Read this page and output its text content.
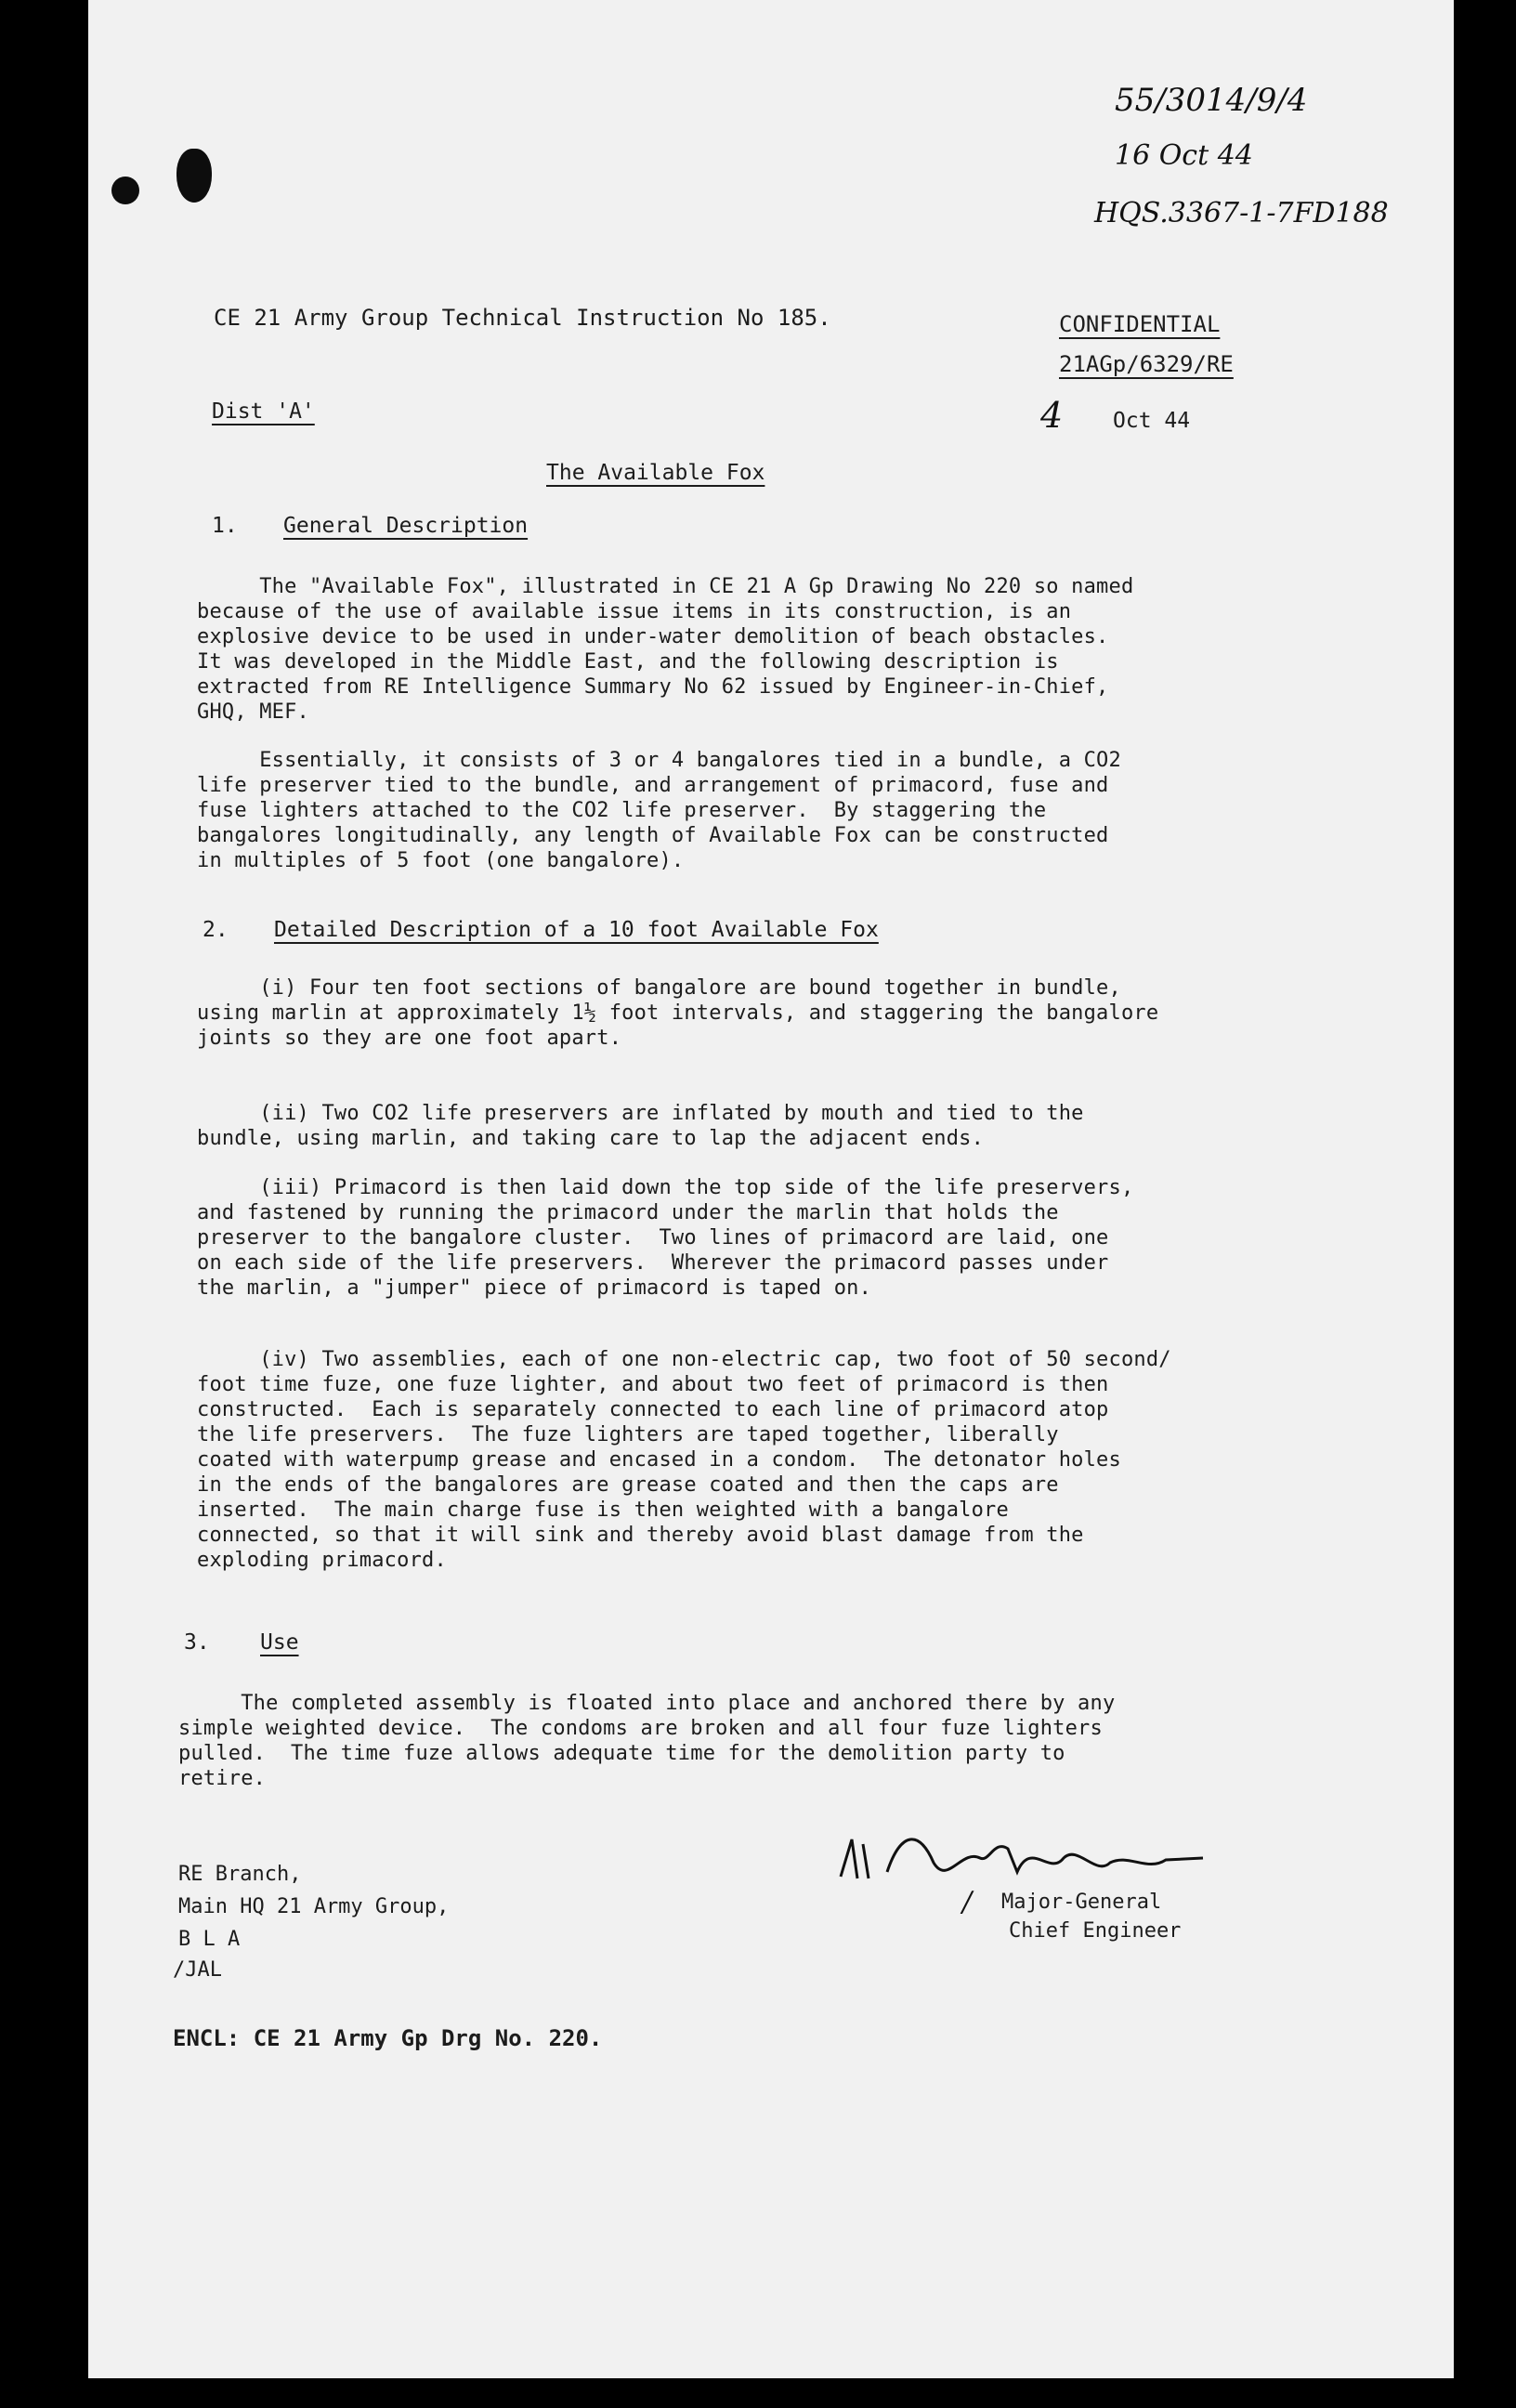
55/3014/9/4
16 Oct 44
HQS.3367-1-7FD188
CE 21 Army Group Technical Instruction No 185.	CONFIDENTIAL
21AGp/6329/RE
Dist 'A'	4 Oct 44
The Available Fox
1. General Description
The "Available Fox", illustrated in CE 21 A Gp Drawing No 220 so named
because of the use of available issue items in its construction, is an
explosive device to be used in under-water demolition of beach obstacles.
It was developed in the Middle East, and the following description is
extracted from RE Intelligence Summary No 62 issued by Engineer-in-Chief,
GHQ, MEF.
Essentially, it consists of 3 or 4 bangalores tied in a bundle, a CO2
life preserver tied to the bundle, and arrangement of primacord, fuse and
fuse lighters attached to the CO2 life preserver.  By staggering the
bangalores longitudinally, any length of Available Fox can be constructed
in multiples of 5 foot (one bangalore).
2. Detailed Description of a 10 foot Available Fox
(i) Four ten foot sections of bangalore are bound together in bundle,
using marlin at approximately 1½ foot intervals, and staggering the bangalore
joints so they are one foot apart.
(ii) Two CO2 life preservers are inflated by mouth and tied to the
bundle, using marlin, and taking care to lap the adjacent ends.
(iii) Primacord is then laid down the top side of the life preservers,
and fastened by running the primacord under the marlin that holds the
preserver to the bangalore cluster.  Two lines of primacord are laid, one
on each side of the life preservers.  Wherever the primacord passes under
the marlin, a "jumper" piece of primacord is taped on.
(iv) Two assemblies, each of one non-electric cap, two foot of 50 second/
foot time fuze, one fuze lighter, and about two feet of primacord is then
constructed.  Each is separately connected to each line of primacord atop
the life preservers.  The fuze lighters are taped together, liberally
coated with waterpump grease and encased in a condom.  The detonator holes
in the ends of the bangalores are grease coated and then the caps are
inserted.  The main charge fuse is then weighted with a bangalore
connected, so that it will sink and thereby avoid blast damage from the
exploding primacord.
3. Use
The completed assembly is floated into place and anchored there by any
simple weighted device.  The condoms are broken and all four fuze lighters
pulled.  The time fuze allows adequate time for the demolition party to
retire.
/ Major-General
Chief Engineer
RE Branch,
Main HQ 21 Army Group,
B L A
/JAL
ENCL: CE 21 Army Gp Drg No. 220.
